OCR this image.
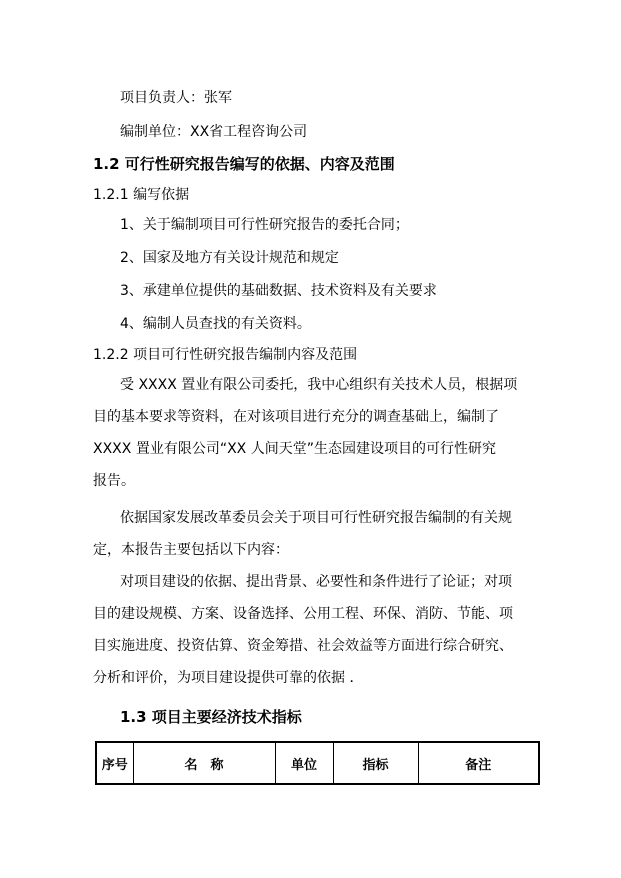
项目负责人：张军
编制单位：XX省工程咨询公司
1.2 可行性研究报告编写的依据、内容及范围
1.2.1 编写依据
1、关于编制项目可行性研究报告的委托合同；
2、国家及地方有关设计规范和规定
3、承建单位提供的基础数据、技术资料及有关要求
4、编制人员查找的有关资料。
1.2.2 项目可行性研究报告编制内容及范围
受 XXXX 置业有限公司委托，我中心组织有关技术人员，根据项
目的基本要求等资料，在对该项目进行充分的调查基础上，编制了
XXXX 置业有限公司“XX 人间天堂”生态园建设项目的可行性研究
报告。
依据国家发展改革委员会关于项目可行性研究报告编制的有关规
定，本报告主要包括以下内容：
对项目建设的依据、提出背景、必要性和条件进行了论证；对项
目的建设规模、方案、设备选择、公用工程、环保、消防、节能、项
目实施进度、投资估算、资金筹措、社会效益等方面进行综合研究、
分析和评价，为项目建设提供可靠的依据 ．
1.3 项目主要经济技术指标
序号	名　称	单位	指标	备注
